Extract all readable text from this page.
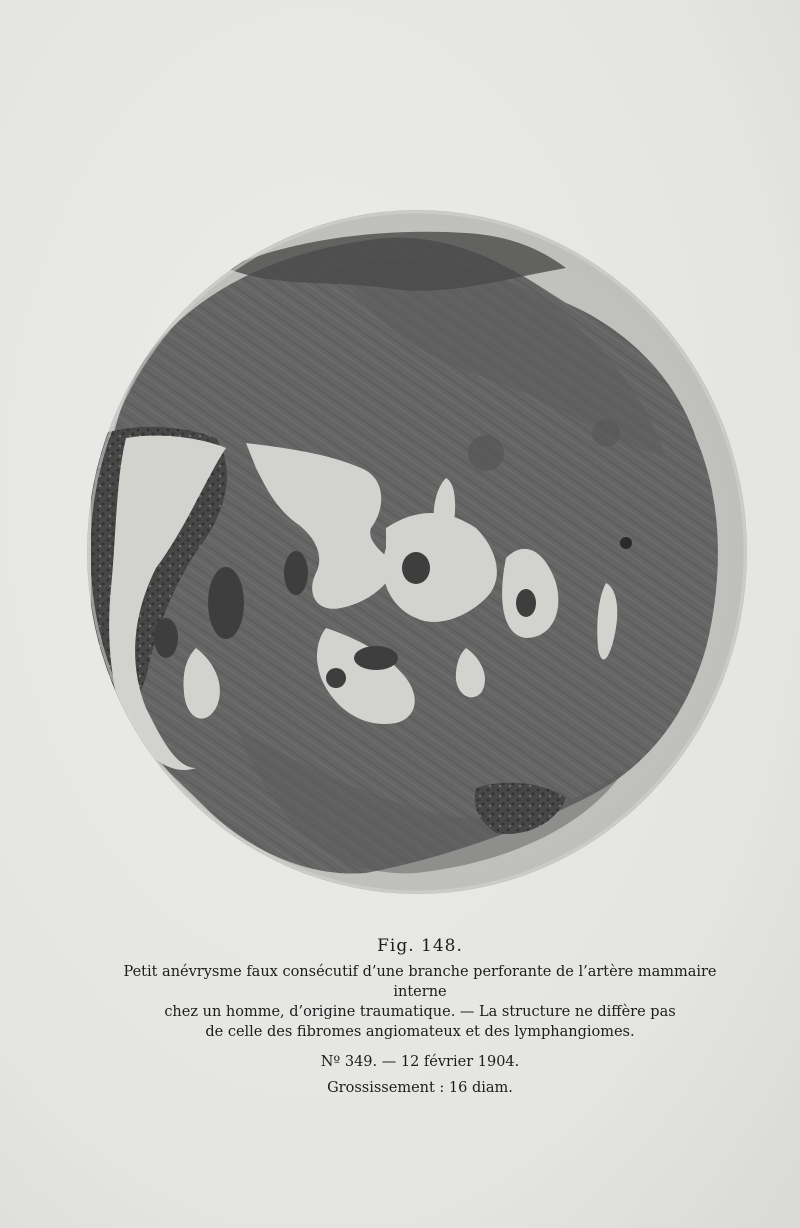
Fig. 148.

Petit anévrysme faux consécutif d’une branche perforante de l’artère mammaire interne

chez un homme, d’origine traumatique. — La structure ne diffère pas

de celle des fibromes angiomateux et des lymphangiomes.

Nº 349. — 12 février 1904.
Grossissement : 16 diam.
